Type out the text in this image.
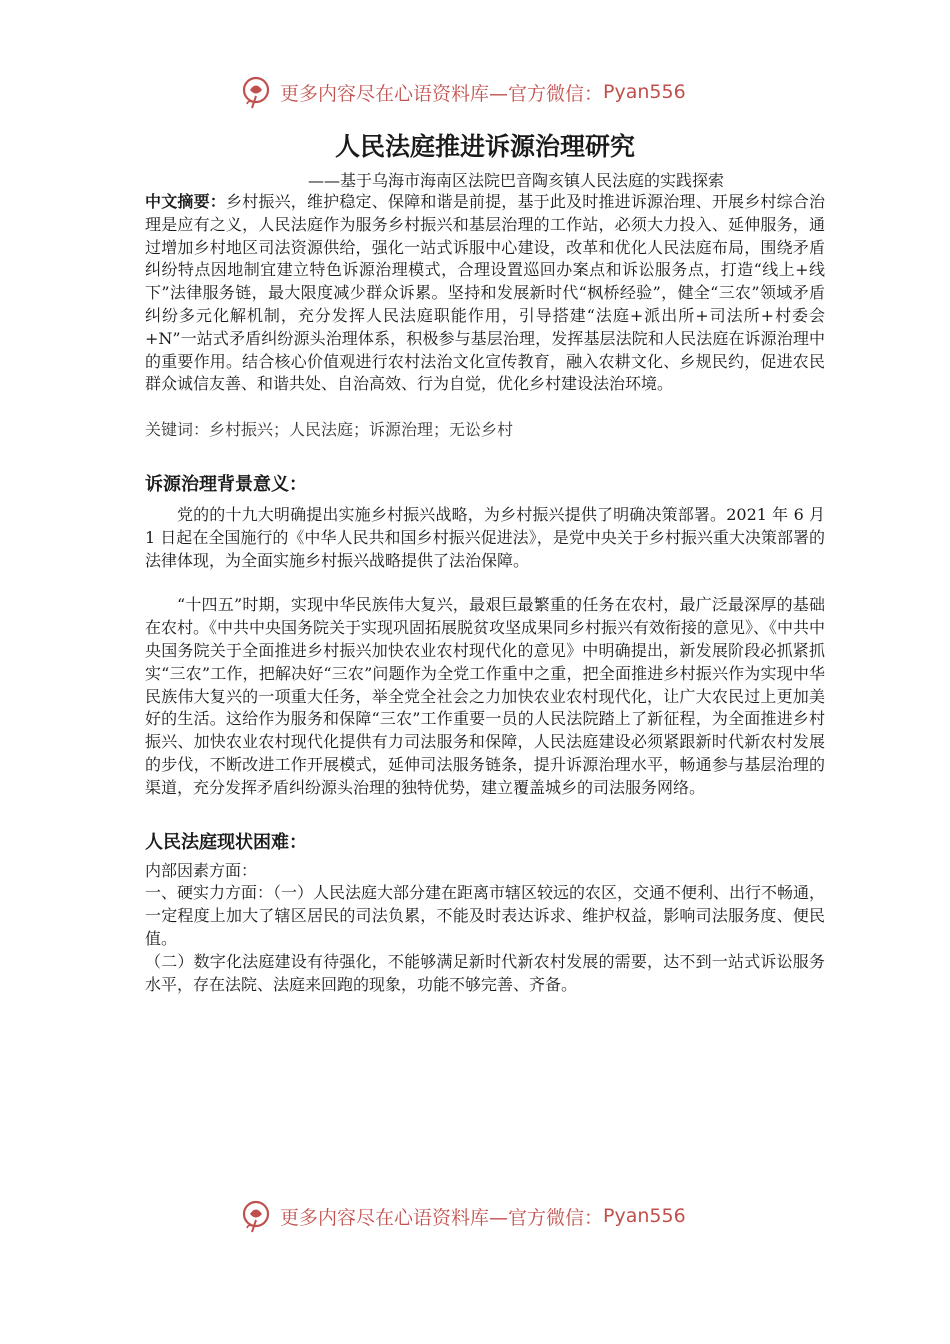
更多内容尽在心语资料库—官方微信： Pyan556
人民法庭推进诉源治理研究
——基于乌海市海南区法院巴音陶亥镇人民法庭的实践探索

中文摘要：乡村振兴，维护稳定、保障和谐是前提，基于此及时推进诉源治理、开展乡村综合治理是应有之义，人民法庭作为服务乡村振兴和基层治理的工作站，必须大力投入、延伸服务，通过增加乡村地区司法资源供给，强化一站式诉服中心建设，改革和优化人民法庭布局，围绕矛盾纠纷特点因地制宜建立特色诉源治理模式，合理设置巡回办案点和诉讼服务点，打造“线上+线下”法律服务链，最大限度减少群众诉累。坚持和发展新时代“枫桥经验”，健全“三农”领域矛盾纠纷多元化解机制，充分发挥人民法庭职能作用，引导搭建“法庭+派出所+司法所+村委会+N”一站式矛盾纠纷源头治理体系，积极参与基层治理，发挥基层法院和人民法庭在诉源治理中的重要作用。结合核心价值观进行农村法治文化宣传教育，融入农耕文化、乡规民约，促进农民群众诚信友善、和谐共处、自治高效、行为自觉，优化乡村建设法治环境。

关键词：乡村振兴；人民法庭；诉源治理；无讼乡村

诉源治理背景意义：

党的的十九大明确提出实施乡村振兴战略，为乡村振兴提供了明确决策部署。2021 年 6 月 1 日起在全国施行的《中华人民共和国乡村振兴促进法》，是党中央关于乡村振兴重大决策部署的法律体现，为全面实施乡村振兴战略提供了法治保障。

“十四五”时期，实现中华民族伟大复兴，最艰巨最繁重的任务在农村，最广泛最深厚的基础在农村。《中共中央国务院关于实现巩固拓展脱贫攻坚成果同乡村振兴有效衔接的意见》、《中共中央国务院关于全面推进乡村振兴加快农业农村现代化的意见》中明确提出，新发展阶段必抓紧抓实“三农”工作，把解决好“三农”问题作为全党工作重中之重，把全面推进乡村振兴作为实现中华民族伟大复兴的一项重大任务，举全党全社会之力加快农业农村现代化，让广大农民过上更加美好的生活。这给作为服务和保障“三农”工作重要一员的人民法院踏上了新征程，为全面推进乡村振兴、加快农业农村现代化提供有力司法服务和保障，人民法庭建设必须紧跟新时代新农村发展的步伐，不断改进工作开展模式，延伸司法服务链条，提升诉源治理水平，畅通参与基层治理的渠道，充分发挥矛盾纠纷源头治理的独特优势，建立覆盖城乡的司法服务网络。

人民法庭现状困难：

内部因素方面：

一、硬实力方面：（一）人民法庭大部分建在距离市辖区较远的农区，交通不便利、出行不畅通，一定程度上加大了辖区居民的司法负累，不能及时表达诉求、维护权益，影响司法服务度、便民值。

（二）数字化法庭建设有待强化，不能够满足新时代新农村发展的需要，达不到一站式诉讼服务水平，存在法院、法庭来回跑的现象，功能不够完善、齐备。

更多内容尽在心语资料库—官方微信： Pyan556
